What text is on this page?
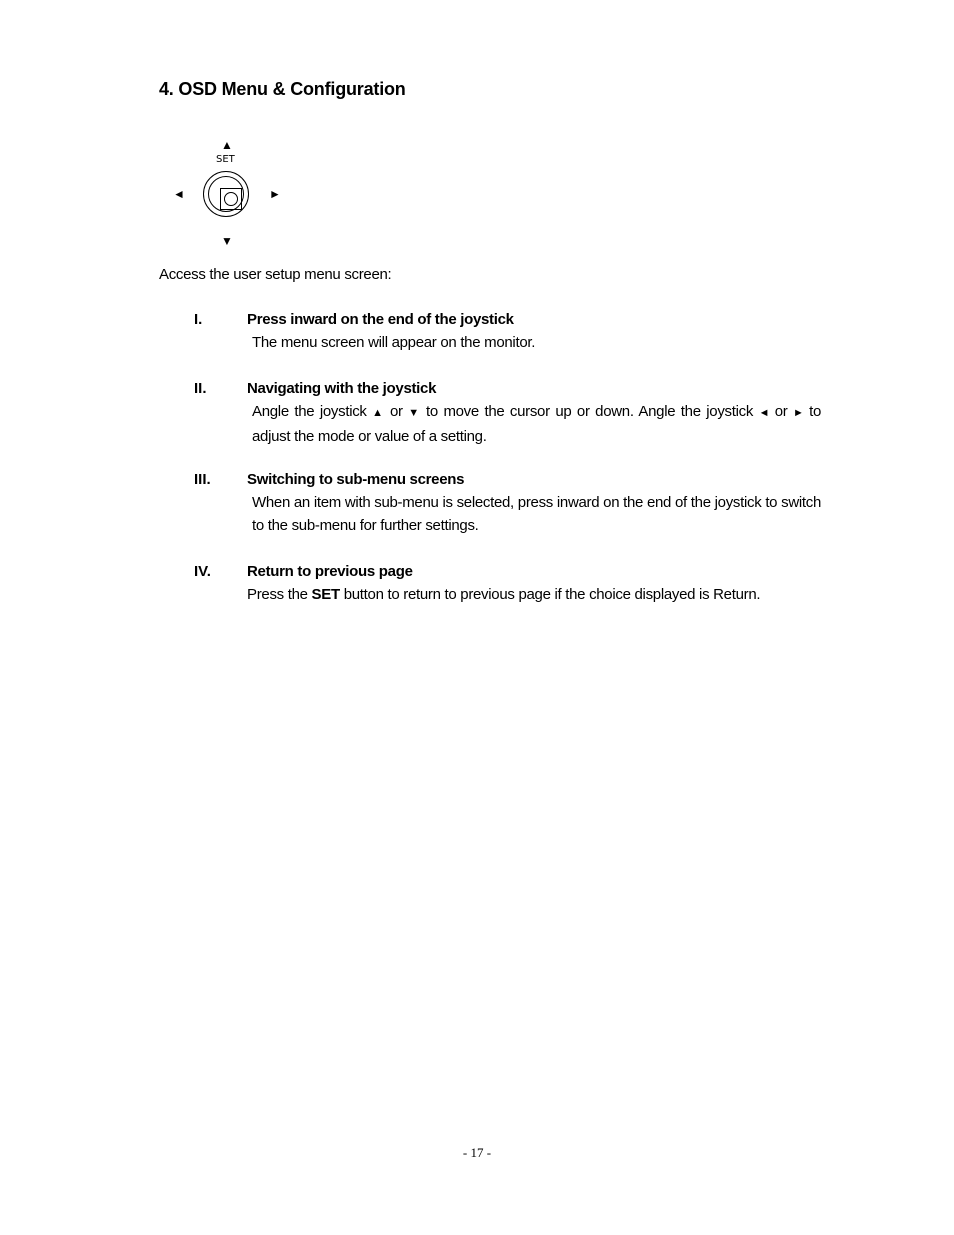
4. OSD Menu & Configuration
▲
SET
◄	►
▼
Access the user setup menu screen:
I.	Press inward on the end of the joystick
The menu screen will appear on the monitor.
II.	Navigating with the joystick
Angle the joystick ▲ or ▼ to move the cursor up or down. Angle the joystick ◄ or ► to adjust the mode or value of a setting.
III. Switching to sub-menu screens
When an item with sub-menu is selected, press inward on the end of the joystick to switch to the sub-menu for further settings.
IV. Return to previous page
Press the SET button to return to previous page if the choice displayed is Return.
- 17 -
